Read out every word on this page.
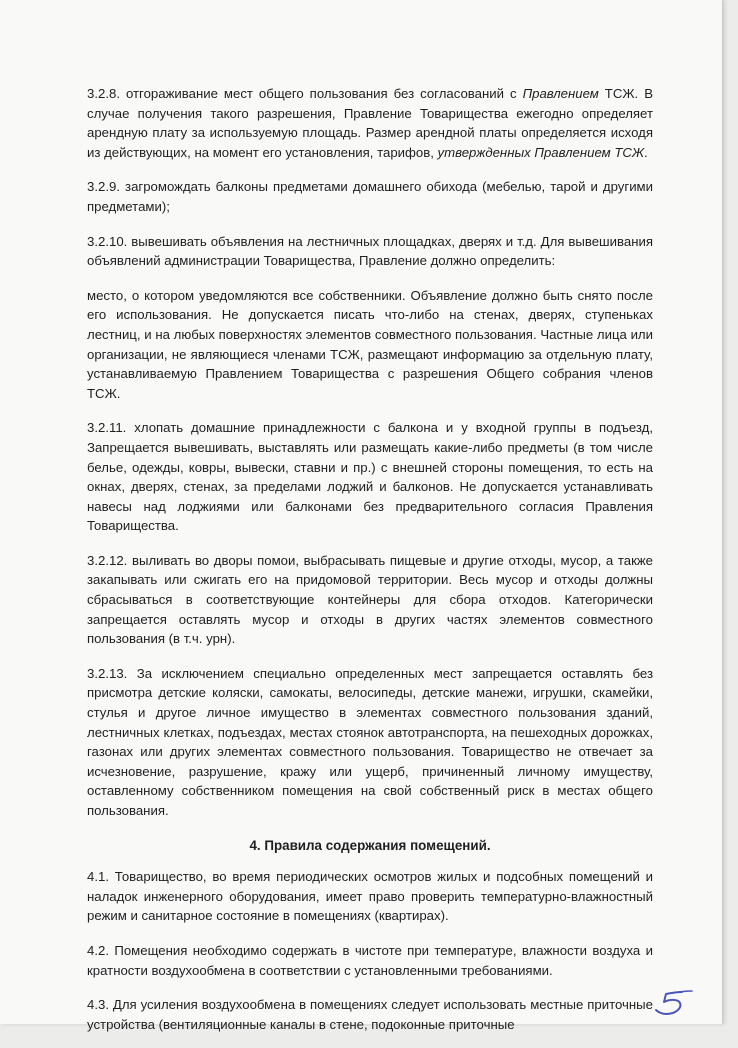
3.2.8. отгораживание мест общего пользования без согласований с Правлением ТСЖ. В случае получения такого разрешения, Правление Товарищества ежегодно определяет арендную плату за используемую площадь. Размер арендной платы определяется исходя из действующих, на момент его установления, тарифов, утвержденных Правлением ТСЖ.

3.2.9. загромождать балконы предметами домашнего обихода (мебелью, тарой и другими предметами);

3.2.10. вывешивать объявления на лестничных площадках, дверях и т.д. Для вывешивания объявлений администрации Товарищества, Правление должно определить:

место, о котором уведомляются все собственники. Объявление должно быть снято после его использования. Не допускается писать что-либо на стенах, дверях, ступеньках лестниц, и на любых поверхностях элементов совместного пользования. Частные лица или организации, не являющиеся членами ТСЖ, размещают информацию за отдельную плату, устанавливаемую Правлением Товарищества с разрешения Общего собрания членов ТСЖ.

3.2.11. хлопать домашние принадлежности с балкона и у входной группы в подъезд, Запрещается вывешивать, выставлять или размещать какие-либо предметы (в том числе белье, одежды, ковры, вывески, ставни и пр.) с внешней стороны помещения, то есть на окнах, дверях, стенах, за пределами лоджий и балконов. Не допускается устанавливать навесы над лоджиями или балконами без предварительного согласия Правления Товарищества.

3.2.12. выливать во дворы помои, выбрасывать пищевые и другие отходы, мусор, а также закапывать или сжигать его на придомовой территории. Весь мусор и отходы должны сбрасываться в соответствующие контейнеры для сбора отходов. Категорически запрещается оставлять мусор и отходы в других частях элементов совместного пользования (в т.ч. урн).

3.2.13. За исключением специально определенных мест запрещается оставлять без присмотра детские коляски, самокаты, велосипеды, детские манежи, игрушки, скамейки, стулья и другое личное имущество в элементах совместного пользования зданий, лестничных клетках, подъездах, местах стоянок автотранспорта, на пешеходных дорожках, газонах или других элементах совместного пользования. Товарищество не отвечает за исчезновение, разрушение, кражу или ущерб, причиненный личному имуществу, оставленному собственником помещения на свой собственный риск в местах общего пользования.

4. Правила содержания помещений.

4.1. Товарищество, во время периодических осмотров жилых и подсобных помещений и наладок инженерного оборудования, имеет право проверить температурно-влажностный режим и санитарное состояние в помещениях (квартирах).

4.2. Помещения необходимо содержать в чистоте при температуре, влажности воздуха и кратности воздухообмена в соответствии с установленными требованиями.

4.3. Для усиления воздухообмена в помещениях следует использовать местные приточные устройства (вентиляционные каналы в стене, подоконные приточные
